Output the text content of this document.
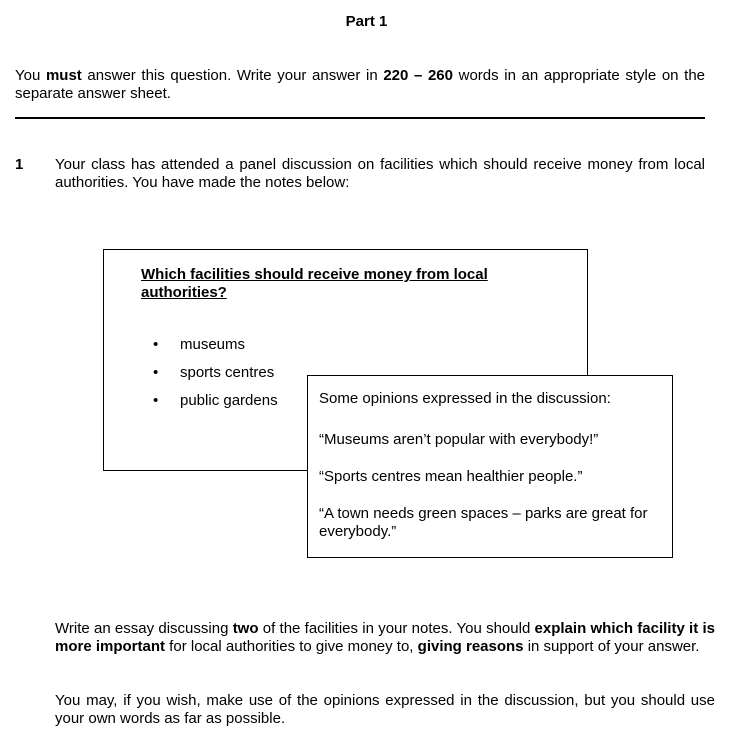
Part 1
You must answer this question. Write your answer in 220 – 260 words in an appropriate style on the separate answer sheet.
1 Your class has attended a panel discussion on facilities which should receive money from local authorities. You have made the notes below:
Which facilities should receive money from local authorities?
• museums
• sports centres
• public gardens	Some opinions expressed in the discussion:
“Museums aren’t popular with everybody!”
“Sports centres mean healthier people.”
“A town needs green spaces – parks are great for everybody.”
Write an essay discussing two of the facilities in your notes. You should explain which facility it is more important for local authorities to give money to, giving reasons in support of your answer.
You may, if you wish, make use of the opinions expressed in the discussion, but you should use your own words as far as possible.
